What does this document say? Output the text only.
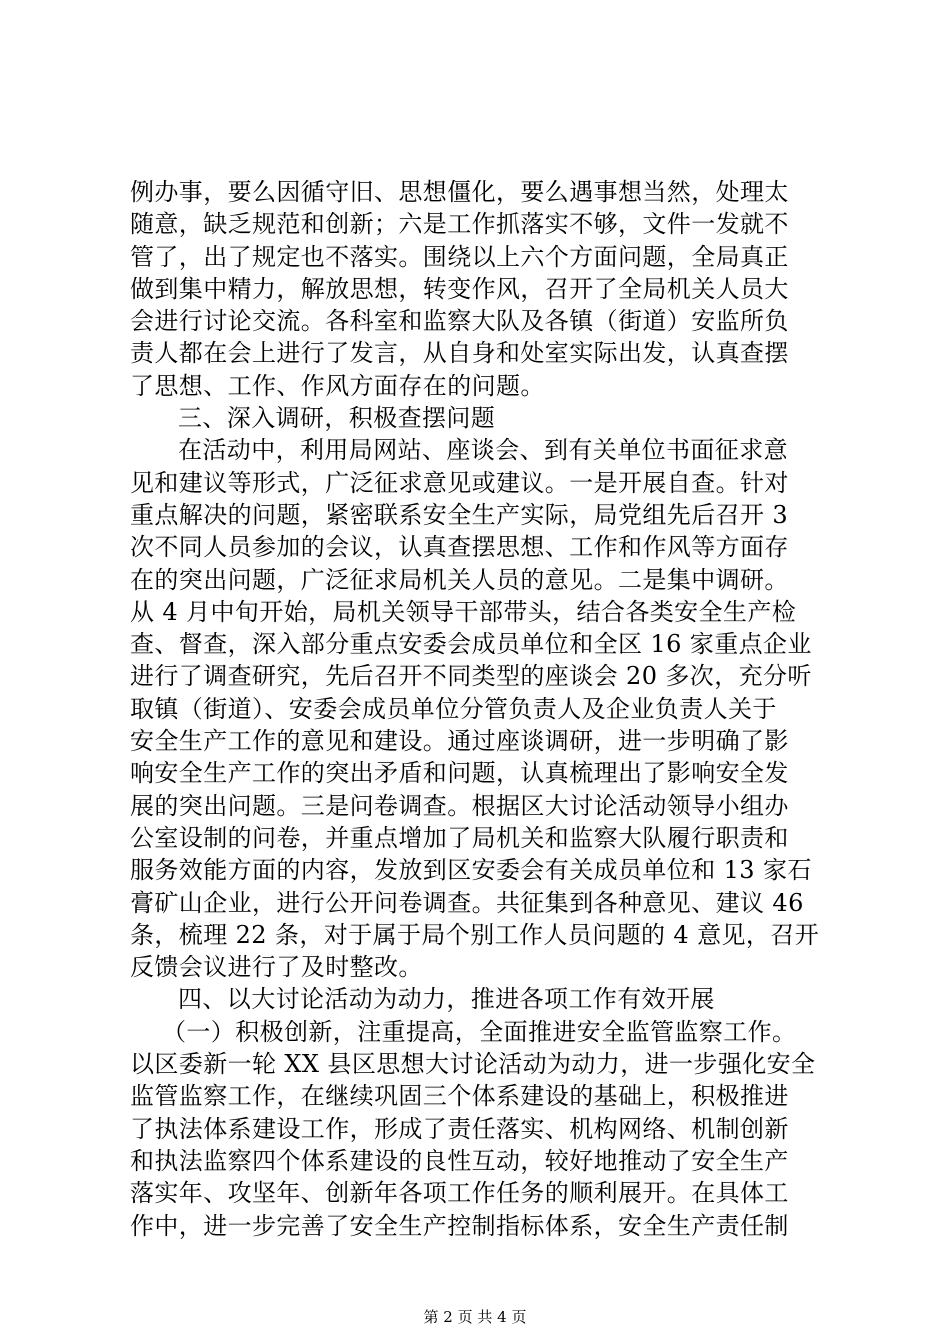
例办事，要么因循守旧、思想僵化，要么遇事想当然，处理太
随意，缺乏规范和创新；六是工作抓落实不够，文件一发就不
管了，出了规定也不落实。围绕以上六个方面问题，全局真正
做到集中精力，解放思想，转变作风，召开了全局机关人员大
会进行讨论交流。各科室和监察大队及各镇（街道）安监所负
责人都在会上进行了发言，从自身和处室实际出发，认真查摆
了思想、工作、作风方面存在的问题。
三、深入调研，积极查摆问题
在活动中，利用局网站、座谈会、到有关单位书面征求意
见和建议等形式，广泛征求意见或建议。一是开展自查。针对
重点解决的问题，紧密联系安全生产实际，局党组先后召开 3
次不同人员参加的会议，认真查摆思想、工作和作风等方面存
在的突出问题，广泛征求局机关人员的意见。二是集中调研。
从 4 月中旬开始，局机关领导干部带头，结合各类安全生产检
查、督查，深入部分重点安委会成员单位和全区 16 家重点企业
进行了调查研究，先后召开不同类型的座谈会 20 多次，充分听
取镇（街道）、安委会成员单位分管负责人及企业负责人关于
安全生产工作的意见和建设。通过座谈调研，进一步明确了影
响安全生产工作的突出矛盾和问题，认真梳理出了影响安全发
展的突出问题。三是问卷调查。根据区大讨论活动领导小组办
公室设制的问卷，并重点增加了局机关和监察大队履行职责和
服务效能方面的内容，发放到区安委会有关成员单位和 13 家石
膏矿山企业，进行公开问卷调查。共征集到各种意见、建议 46
条，梳理 22 条，对于属于局个别工作人员问题的 4 意见，召开
反馈会议进行了及时整改。
四、以大讨论活动为动力，推进各项工作有效开展
（一）积极创新，注重提高，全面推进安全监管监察工作。
以区委新一轮 XX 县区思想大讨论活动为动力，进一步强化安全
监管监察工作，在继续巩固三个体系建设的基础上，积极推进
了执法体系建设工作，形成了责任落实、机构网络、机制创新
和执法监察四个体系建设的良性互动，较好地推动了安全生产
落实年、攻坚年、创新年各项工作任务的顺利展开。在具体工
作中，进一步完善了安全生产控制指标体系，安全生产责任制
第 2 页 共 4 页
